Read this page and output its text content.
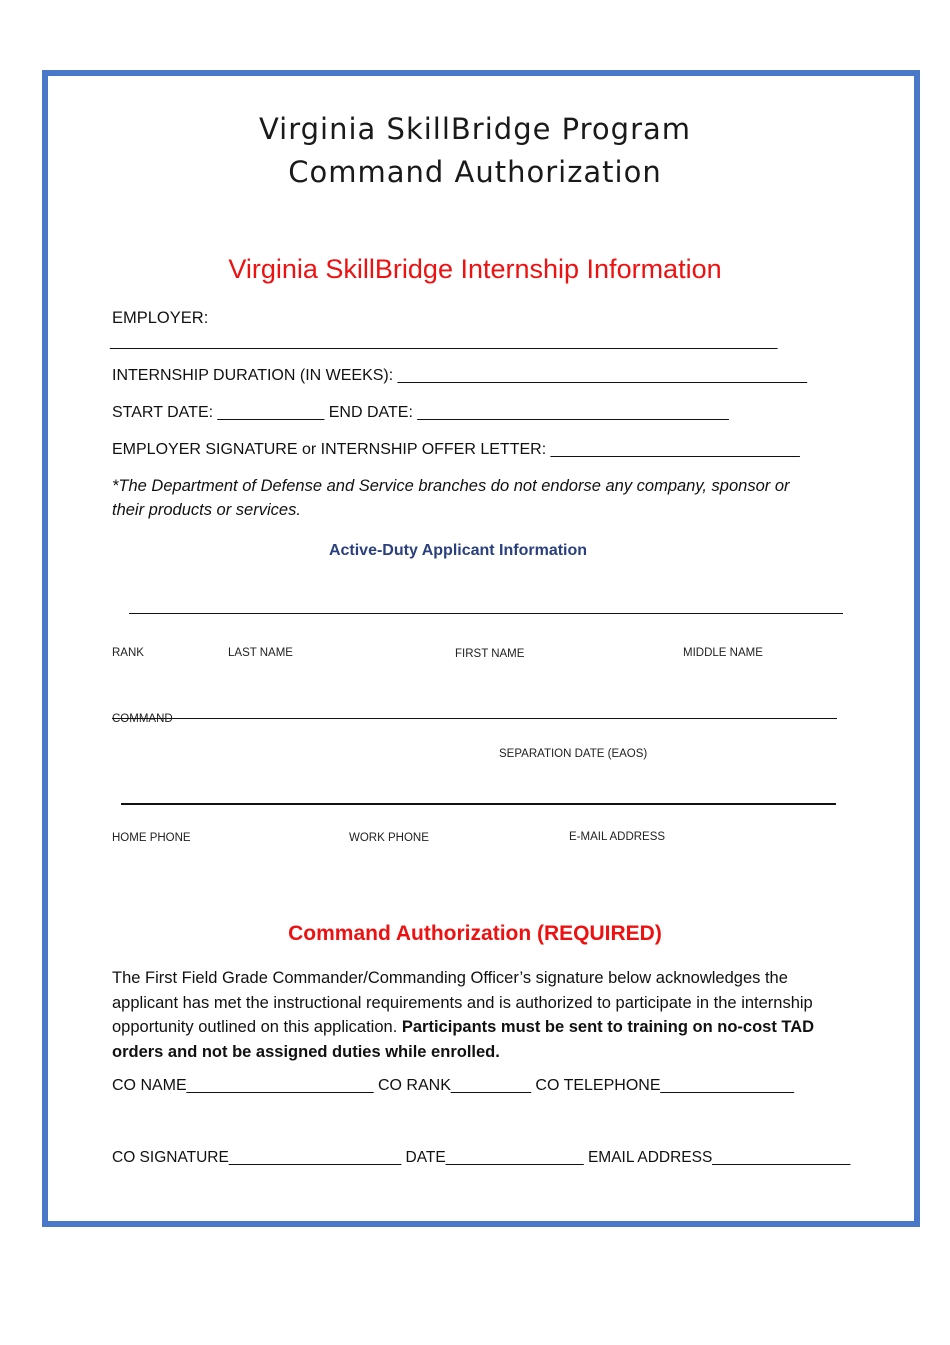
Virginia SkillBridge Program
Command Authorization
Virginia SkillBridge Internship Information
EMPLOYER:
___________________________________________________________________________
INTERNSHIP DURATION (IN WEEKS): ______________________________________________
START DATE: ____________ END DATE: ___________________________________
EMPLOYER SIGNATURE or INTERNSHIP OFFER LETTER: ____________________________
*The Department of Defense and Service branches do not endorse any company, sponsor or their products or services.
Active-Duty Applicant Information
RANK	LAST NAME	FIRST NAME	MIDDLE NAME
COMMAND
SEPARATION DATE (EAOS)
HOME PHONE	WORK PHONE	E-MAIL ADDRESS
Command Authorization (REQUIRED)
The First Field Grade Commander/Commanding Officer’s signature below acknowledges the applicant has met the instructional requirements and is authorized to participate in the internship opportunity outlined on this application. Participants must be sent to training on no-cost TAD orders and not be assigned duties while enrolled.
CO NAME_____________________ CO RANK_________ CO TELEPHONE_______________
CO SIGNATURE____________________ DATE________________ EMAIL ADDRESS________________
